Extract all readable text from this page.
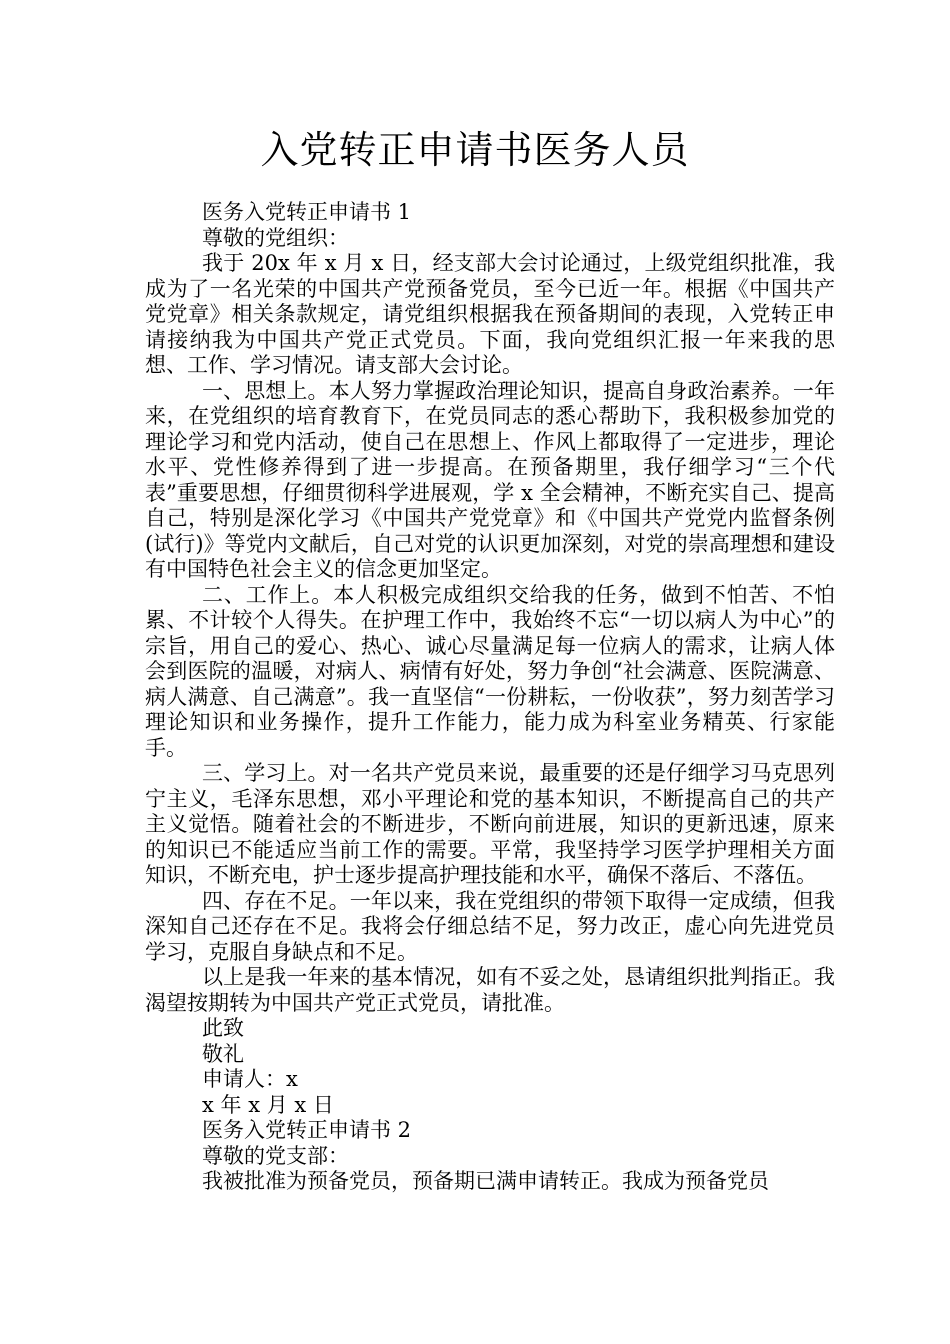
入党转正申请书医务人员

医务入党转正申请书 1

尊敬的党组织：

我于 20x 年 x 月 x 日，经支部大会讨论通过，上级党组织批准，我成为了一名光荣的中国共产党预备党员，至今已近一年。根据《中国共产党党章》相关条款规定，请党组织根据我在预备期间的表现，入党转正申请接纳我为中国共产党正式党员。下面，我向党组织汇报一年来我的思想、工作、学习情况。请支部大会讨论。

一、思想上。本人努力掌握政治理论知识，提高自身政治素养。一年来，在党组织的培育教育下，在党员同志的悉心帮助下，我积极参加党的理论学习和党内活动，使自己在思想上、作风上都取得了一定进步，理论水平、党性修养得到了进一步提高。在预备期里，我仔细学习“三个代表”重要思想，仔细贯彻科学进展观，学 x 全会精神，不断充实自己、提高自己，特别是深化学习《中国共产党党章》和《中国共产党党内监督条例(试行)》等党内文献后，自己对党的认识更加深刻，对党的崇高理想和建设有中国特色社会主义的信念更加坚定。

二、工作上。本人积极完成组织交给我的任务，做到不怕苦、不怕累、不计较个人得失。在护理工作中，我始终不忘“一切以病人为中心”的宗旨，用自己的爱心、热心、诚心尽量满足每一位病人的需求，让病人体会到医院的温暖，对病人、病情有好处，努力争创“社会满意、医院满意、病人满意、自己满意”。我一直坚信“一份耕耘，一份收获”，努力刻苦学习理论知识和业务操作，提升工作能力，能力成为科室业务精英、行家能手。

三、学习上。对一名共产党员来说，最重要的还是仔细学习马克思列宁主义，毛泽东思想，邓小平理论和党的基本知识，不断提高自己的共产主义觉悟。随着社会的不断进步，不断向前进展，知识的更新迅速，原来的知识已不能适应当前工作的需要。平常，我坚持学习医学护理相关方面知识，不断充电，护士逐步提高护理技能和水平，确保不落后、不落伍。

四、存在不足。一年以来，我在党组织的带领下取得一定成绩，但我深知自己还存在不足。我将会仔细总结不足，努力改正，虚心向先进党员学习，克服自身缺点和不足。

以上是我一年来的基本情况，如有不妥之处，恳请组织批判指正。我渴望按期转为中国共产党正式党员，请批准。

此致

敬礼

申请人：x

x 年 x 月 x 日

医务入党转正申请书 2

尊敬的党支部：

我被批准为预备党员，预备期已满申请转正。我成为预备党员
